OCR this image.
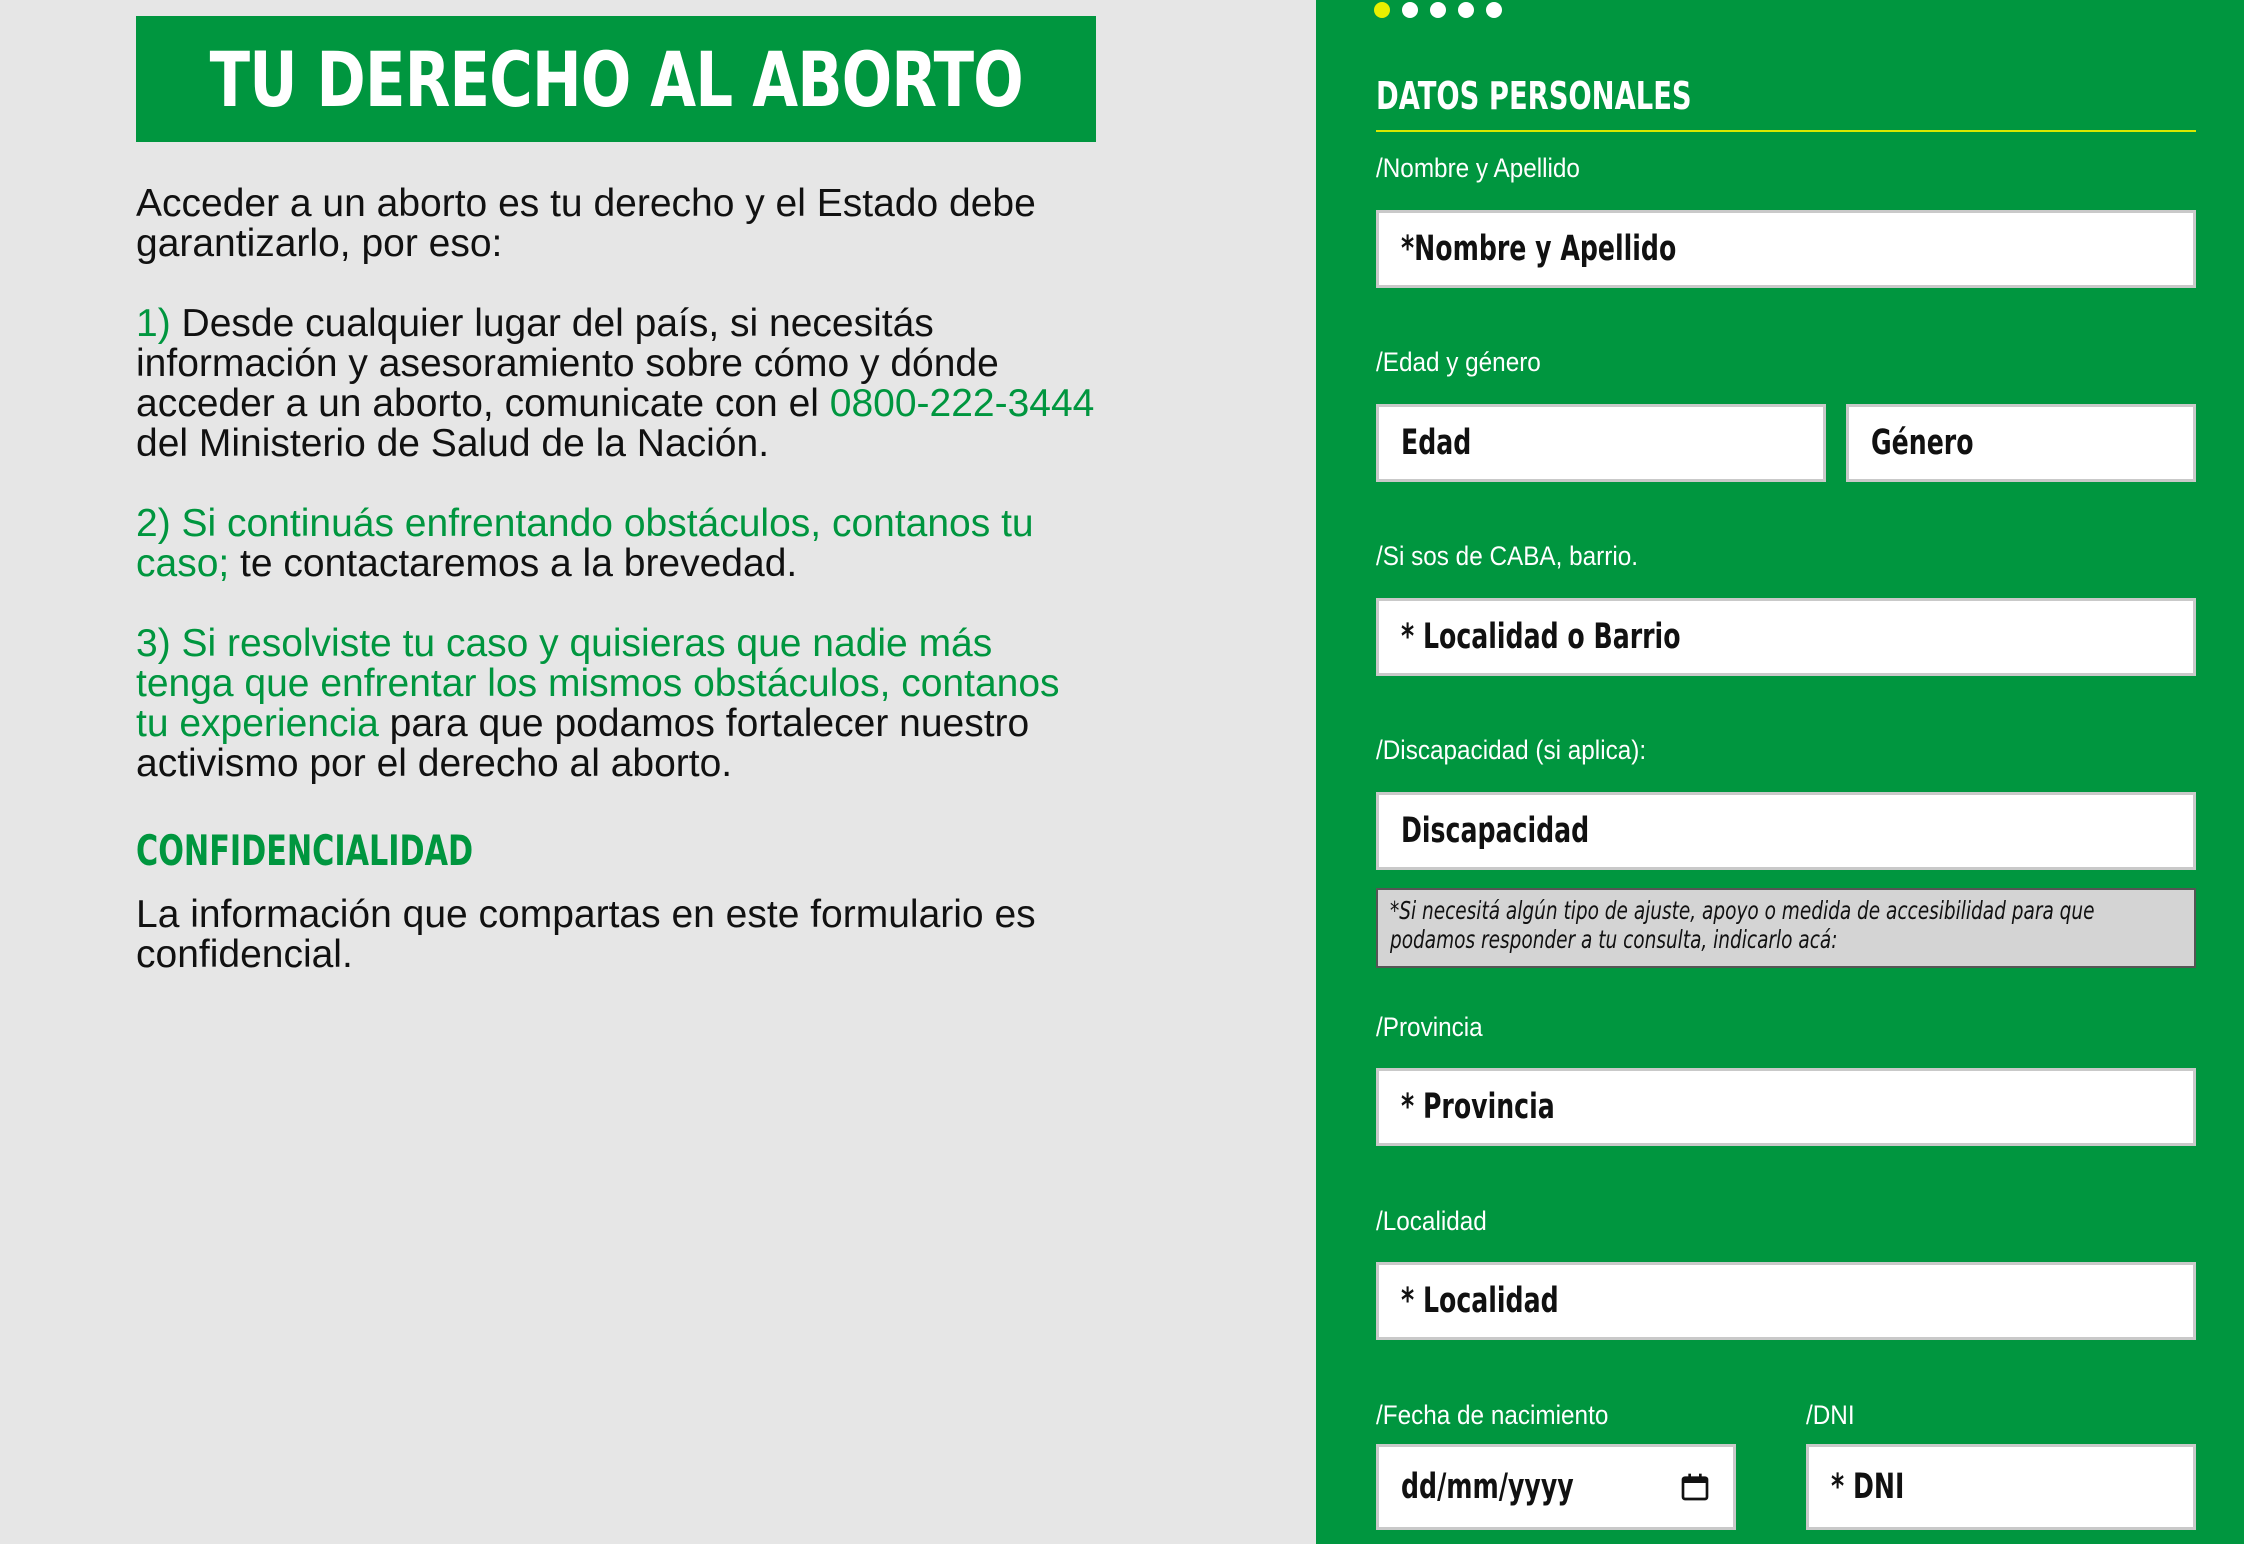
TU DERECHO AL ABORTO

Acceder a un aborto es tu derecho y el Estado debe garantizarlo, por eso:

1) Desde cualquier lugar del país, si necesitás información y asesoramiento sobre cómo y dónde acceder a un aborto, comunicate con el 0800-222-3444 del Ministerio de Salud de la Nación.

2) Si continuás enfrentando obstáculos, contanos tu caso; te contactaremos a la brevedad.

3) Si resolviste tu caso y quisieras que nadie más tenga que enfrentar los mismos obstáculos, contanos tu experiencia para que podamos fortalecer nuestro activismo por el derecho al aborto.

CONFIDENCIALIDAD
La información que compartas en este formulario es confidencial.
DATOS PERSONALES
/Nombre y Apellido
*Nombre y Apellido
/Edad y género
Edad	Género
/Si sos de CABA, barrio.
* Localidad o Barrio
/Discapacidad (si aplica):
Discapacidad
*Si necesitá algún tipo de ajuste, apoyo o medida de accesibilidad para que podamos responder a tu consulta, indicarlo acá:
/Provincia
* Provincia
/Localidad
* Localidad
/Fecha de nacimiento	/DNI
dd/mm/yyyy	* DNI
